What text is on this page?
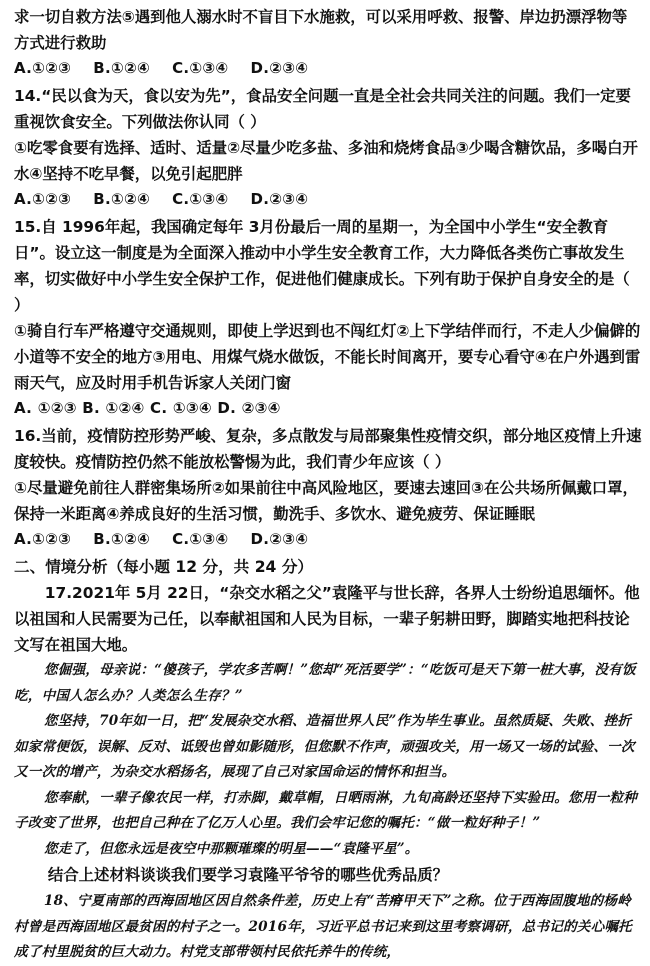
求一切自救方法⑤遇到他人溺水时不盲目下水施救，可以采用呼救、报警、岸边扔漂浮物等方式进行救助

A.①②③    B.①②④    C.①③④    D.②③④

14.“民以食为天，食以安为先”，食品安全问题一直是全社会共同关注的问题。我们一定要重视饮食安全。下列做法你认同（ ）

①吃零食要有选择、适时、适量②尽量少吃多盐、多油和烧烤食品③少喝含糖饮品，多喝白开水④坚持不吃早餐，以免引起肥胖

A.①②③    B.①②④    C.①③④    D.②③④

15.自 1996年起，我国确定每年 3月份最后一周的星期一，为全国中小学生“安全教育日”。设立这一制度是为全面深入推动中小学生安全教育工作，大力降低各类伤亡事故发生率，切实做好中小学生安全保护工作，促进他们健康成长。下列有助于保护自身安全的是（ ）

①骑自行车严格遵守交通规则，即使上学迟到也不闯红灯②上下学结伴而行，不走人少偏僻的小道等不安全的地方③用电、用煤气烧水做饭，不能长时间离开，要专心看守④在户外遇到雷雨天气，应及时用手机告诉家人关闭门窗

A. ①②③ B. ①②④ C. ①③④ D. ②③④

16.当前，疫情防控形势严峻、复杂，多点散发与局部聚集性疫情交织，部分地区疫情上升速度较快。疫情防控仍然不能放松警惕为此，我们青少年应该（ ）

①尽量避免前往人群密集场所②如果前往中高风险地区，要速去速回③在公共场所佩戴口罩，保持一米距离④养成良好的生活习惯，勤洗手、多饮水、避免疲劳、保证睡眠

A.①②③    B.①②④    C.①③④    D.②③④

二、情境分析（每小题 12 分，共 24 分）

17.2021年 5月 22日，“杂交水稻之父”袁隆平与世长辞，各界人士纷纷追思缅怀。他以祖国和人民需要为己任，以奉献祖国和人民为目标，一辈子躬耕田野，脚踏实地把科技论文写在祖国大地。

您倔强，母亲说：“傻孩子，学农多苦啊！”您却“死活要学”：“吃饭可是天下第一桩大事，没有饭吃，中国人怎么办？人类怎么生存？”

您坚持，70年如一日，把“发展杂交水稻、造福世界人民”作为毕生事业。虽然质疑、失败、挫折如家常便饭，误解、反对、诋毁也曾如影随形，但您默不作声，顽强攻关，用一场又一场的试验、一次又一次的增产，为杂交水稻扬名，展现了自己对家国命运的情怀和担当。

您奉献，一辈子像农民一样，打赤脚，戴草帽，日晒雨淋，九旬高龄还坚持下实验田。您用一粒种子改变了世界，也把自己种在了亿万人心里。我们会牢记您的嘱托：“做一粒好种子！”

您走了，但您永远是夜空中那颗璀璨的明星——“袁隆平星”。

结合上述材料谈谈我们要学习袁隆平爷爷的哪些优秀品质？

18、宁夏南部的西海固地区因自然条件差，历史上有“苦瘠甲天下”之称。位于西海固腹地的杨岭村曾是西海固地区最贫困的村子之一。2016年，习近平总书记来到这里考察调研，总书记的关心嘱托成了村里脱贫的巨大动力。村党支部带领村民依托养牛的传统，
